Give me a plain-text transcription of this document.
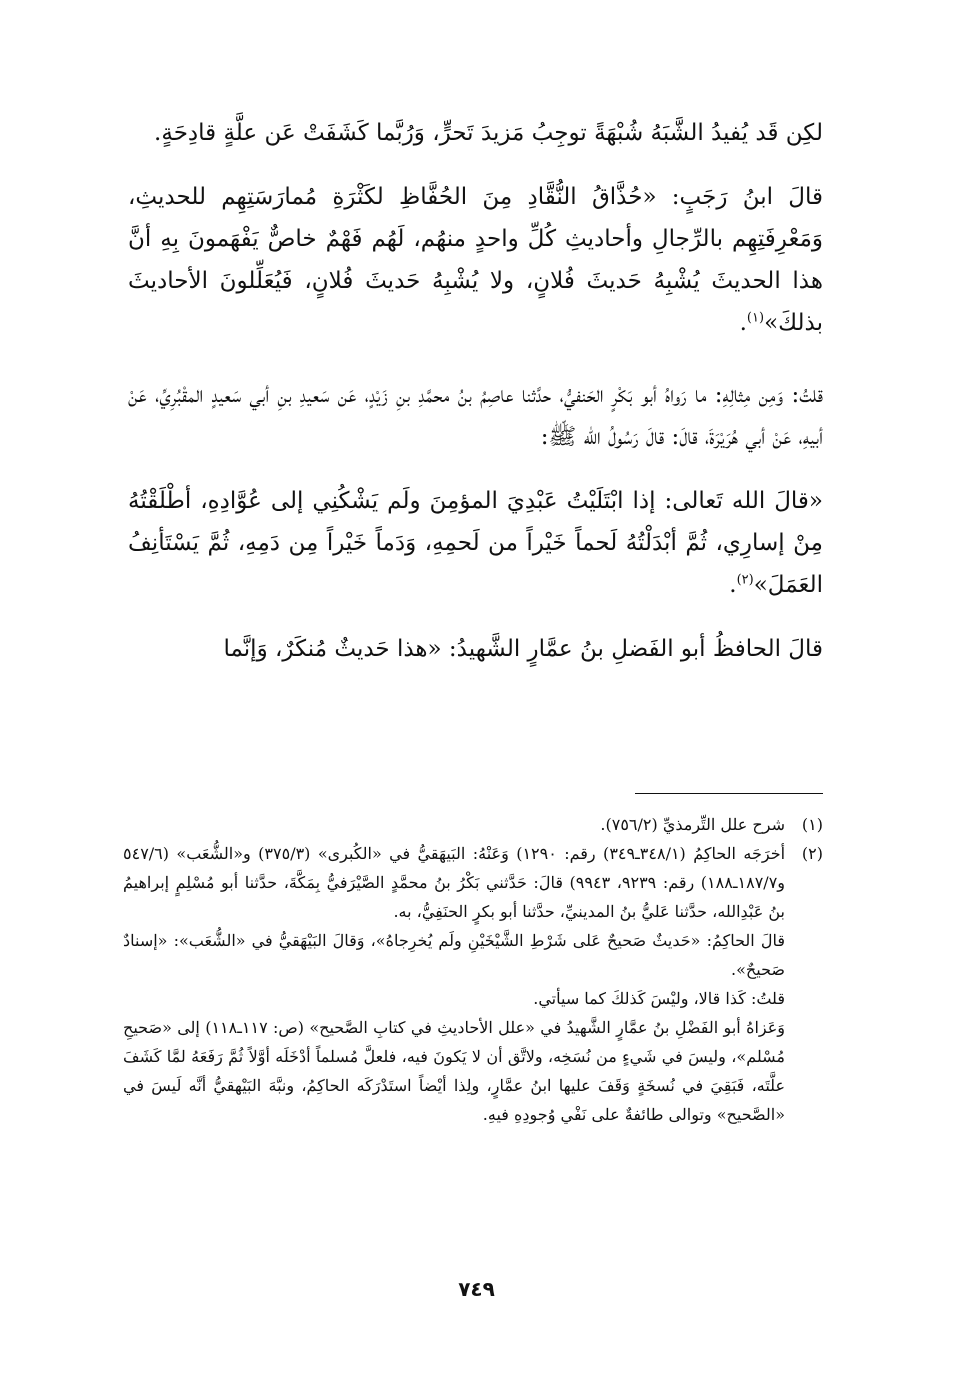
لكِن قَد يُفيدُ الشَّبَهُ شُبْهَةً توجِبُ مَزيدَ تَحرٍّ، وَرُبَّما كَشَفَتْ عَن علَّةٍ قادِحَةٍ.

قالَ ابنُ رَجَبٍ: «حُذَّاقُ النُّقَّادِ مِنَ الحُفَّاظِ لكَثْرَةِ مُمارَسَتِهِم للحديثِ، وَمَعْرِفَتِهِم بالرِّجالِ وأحاديثِ كُلِّ واحدٍ منهُم، لَهُم فَهْمٌ خاصٌّ يَفْهَمونَ بِهِ أنَّ هذا الحديثَ يُشْبِهُ حَديثَ فُلانٍ، ولا يُشْبِهُ حَديثَ فُلانٍ، فَيُعَلِّلونَ الأحاديثَ بذلكَ»$^{(١)}$.

قلتُ: وَمِن مِثالِهِ: ما رَواهُ أبو بَكْرٍ الحَنفيُّ، حدَّثنا عاصِمُ بنُ محمَّدِ بنِ زَيْدٍ، عَن سَعيدِ بنِ أبي سَعيدٍ المقْبُرِيِّ، عَنْ أبيهِ، عَنْ أبي هُرَيْرَةَ، قالَ: قالَ رَسُولُ الله ﷺ:

«قالَ الله تَعالى: إذا ابْتَلَيْتُ عَبْدِيَ المؤمِنَ ولَم يَشْكُنِي إلى عُوَّادِهِ، أطْلَقْتُهُ مِنْ إسارِي، ثُمَّ أبْدَلْتُهُ لَحماً خَيْراً من لَحمِهِ، وَدَماً خَيْراً مِن دَمِهِ، ثُمَّ يَسْتَأنِفُ العَمَلَ»$^{(٢)}$.

قالَ الحافظُ أبو الفَضلِ بنُ عمَّارٍ الشَّهيدُ: «هذا حَديثٌ مُنكَرٌ، وَإنَّما

(١)

شرح علل التِّرمذيِّ (٧٥٦/٢).

(٢)

أخرَجَه الحاكِمُ (٣٤٨/١ـ٣٤٩) رقم: ١٢٩٠) وَعَنْهُ: البَيهَقيُّ في «الكُبرى» (٣٧٥/٣) و«الشُّعَب» (٥٤٧/٦ و١٨٧/٧ـ١٨٨) رقم: ٩٢٣٩، ٩٩٤٣) قالَ: حَدَّثني بَكْرُ بنُ محمَّدٍ الصَّيْرَفيُّ بِمَكَّةَ، حدَّثنا أبو مُسْلِمٍ إبراهيمُ بنُ عَبْدِالله، حدَّثنا عَليُّ بنُ المدينيِّ، حدَّثنا أبو بكرٍ الحنَفِيُّ، به.

قالَ الحاكِمُ: «حَديثٌ صَحيحٌ عَلى شَرْطِ الشَّيْخَيْنِ ولَم يُخرِجاهُ»، وَقالَ البَيْهَقيُّ في «الشُّعَب»: «إسنادٌ صَحيحٌ».

قلتُ: كَذا قالا، وليْسَ كَذلكَ كما سيأتي.

وَعَزاهُ أبو الفَضْلِ بنُ عمَّارٍ الشَّهيدُ في «علل الأحاديثِ في كتابِ الصَّحيح» (ص: ١١٧ـ١١٨) إلى «صَحيحِ مُسْلم»، وليسَ في شَيءٍ من نُسَخِه، ولاتَّق أن لا يَكونَ فيه، فلعلَّ مُسلماً أدْخَلَه أوَّلاً ثُمَّ رَفَعَهُ لمَّا كَشَفَ علَّتَه، فَبَقِيَ في نُسخَةٍ وَقَفَ عليها ابنُ عمَّارٍ، ولِذا أيْضاً استَدْرَكَه الحاكِمُ، ونبَّهَ البَيْهقيُّ أنَّه لَيسَ في «الصَّحيح» وتوالى طائفةٌ على نَفْي وُجودِهِ فيهِ.

٧٤٩
